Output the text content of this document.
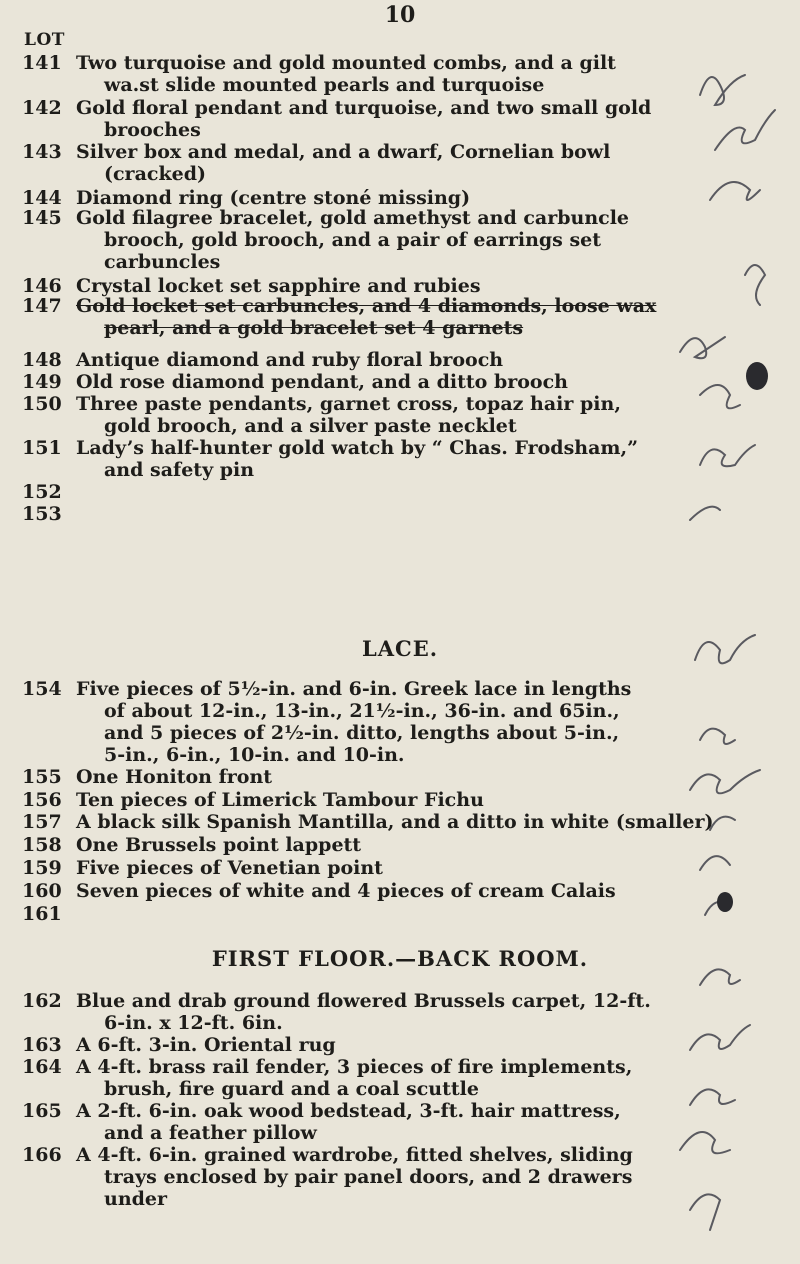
10
LOT
141 Two turquoise and gold mounted combs, and a gilt
wa.st slide mounted pearls and turquoise
142 Gold floral pendant and turquoise, and two small gold
brooches
143 Silver box and medal, and a dwarf, Cornelian bowl
(cracked)
144 Diamond ring (centre stoné missing)
145 Gold filagree bracelet, gold amethyst and carbuncle
brooch, gold brooch, and a pair of earrings set
carbuncles
146 Crystal locket set sapphire and rubies
147 Gold locket set carbuncles, and 4 diamonds, loose wax
pearl, and a gold bracelet set 4 garnets
148 Antique diamond and ruby floral brooch
149 Old rose diamond pendant, and a ditto brooch
150 Three paste pendants, garnet cross, topaz hair pin,
gold brooch, and a silver paste necklet
151 Lady’s half-hunter gold watch by “ Chas. Frodsham,”
and safety pin
152
153
LACE.
154 Five pieces of 5½-in. and 6-in. Greek lace in lengths
of about 12-in., 13-in., 21½-in., 36-in. and 65in.,
and 5 pieces of 2½-in. ditto, lengths about 5-in.,
5-in., 6-in., 10-in. and 10-in.
155 One Honiton front
156 Ten pieces of Limerick Tambour Fichu
157 A black silk Spanish Mantilla, and a ditto in white (smaller)
158 One Brussels point lappett
159 Five pieces of Venetian point
160 Seven pieces of white and 4 pieces of cream Calais
161
FIRST FLOOR.—BACK ROOM.
162 Blue and drab ground flowered Brussels carpet, 12-ft.
6-in. x 12-ft. 6in.
163 A 6-ft. 3-in. Oriental rug
164 A 4-ft. brass rail fender, 3 pieces of fire implements,
brush, fire guard and a coal scuttle
165 A 2-ft. 6-in. oak wood bedstead, 3-ft. hair mattress,
and a feather pillow
166 A 4-ft. 6-in. grained wardrobe, fitted shelves, sliding
trays enclosed by pair panel doors, and 2 drawers
under
